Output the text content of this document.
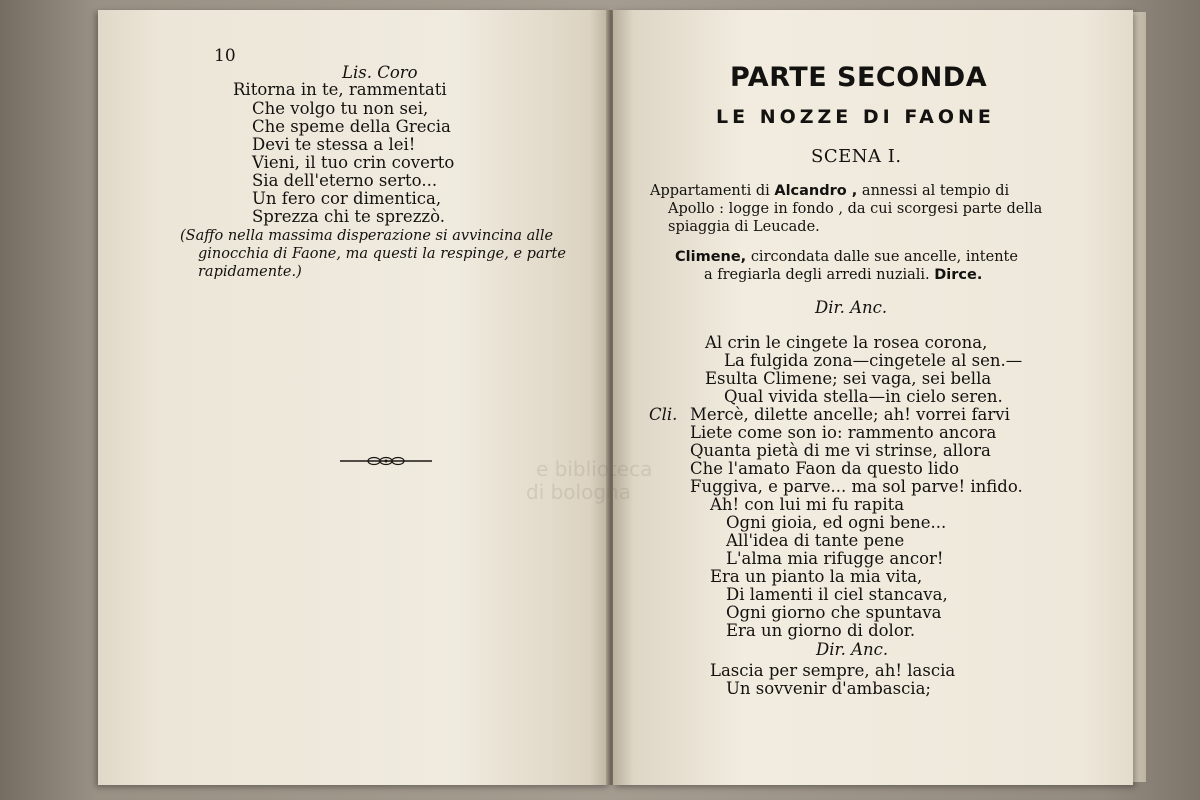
10
Lis. Coro
Ritorna in te, rammentati
Che volgo tu non sei,
Che speme della Grecia
Devi te stessa a lei!
Vieni, il tuo crin coverto
Sia dell'eterno serto...
Un fero cor dimentica,
Sprezza chi te sprezzò.
(Saffo nella massima disperazione si avvincina alle
ginocchia di Faone, ma questi la respinge, e parte
rapidamente.)
PARTE SECONDA
LE NOZZE DI FAONE
SCENA I.
Appartamenti di Alcandro , annessi al tempio di
Apollo : logge in fondo , da cui scorgesi parte della
spiaggia di Leucade.
Climene, circondata dalle sue ancelle, intente
a fregiarla degli arredi nuziali. Dirce.
Dir. Anc.
Al crin le cingete la rosea corona,
La fulgida zona—cingetele al sen.—
Esulta Climene; sei vaga, sei bella
Qual vivida stella—in cielo seren.
Cli. Mercè, dilette ancelle; ah! vorrei farvi
Liete come son io: rammento ancora
Quanta pietà di me vi strinse, allora
Che l'amato Faon da questo lido
Fuggiva, e parve... ma sol parve! infido.
Ah! con lui mi fu rapita
Ogni gioia, ed ogni bene...
All'idea di tante pene
L'alma mia rifugge ancor!
Era un pianto la mia vita,
Di lamenti il ciel stancava,
Ogni giorno che spuntava
Era un giorno di dolor.
Dir. Anc.
Lascia per sempre, ah! lascia
Un sovvenir d'ambascia;
e biblioteca
di bologna
